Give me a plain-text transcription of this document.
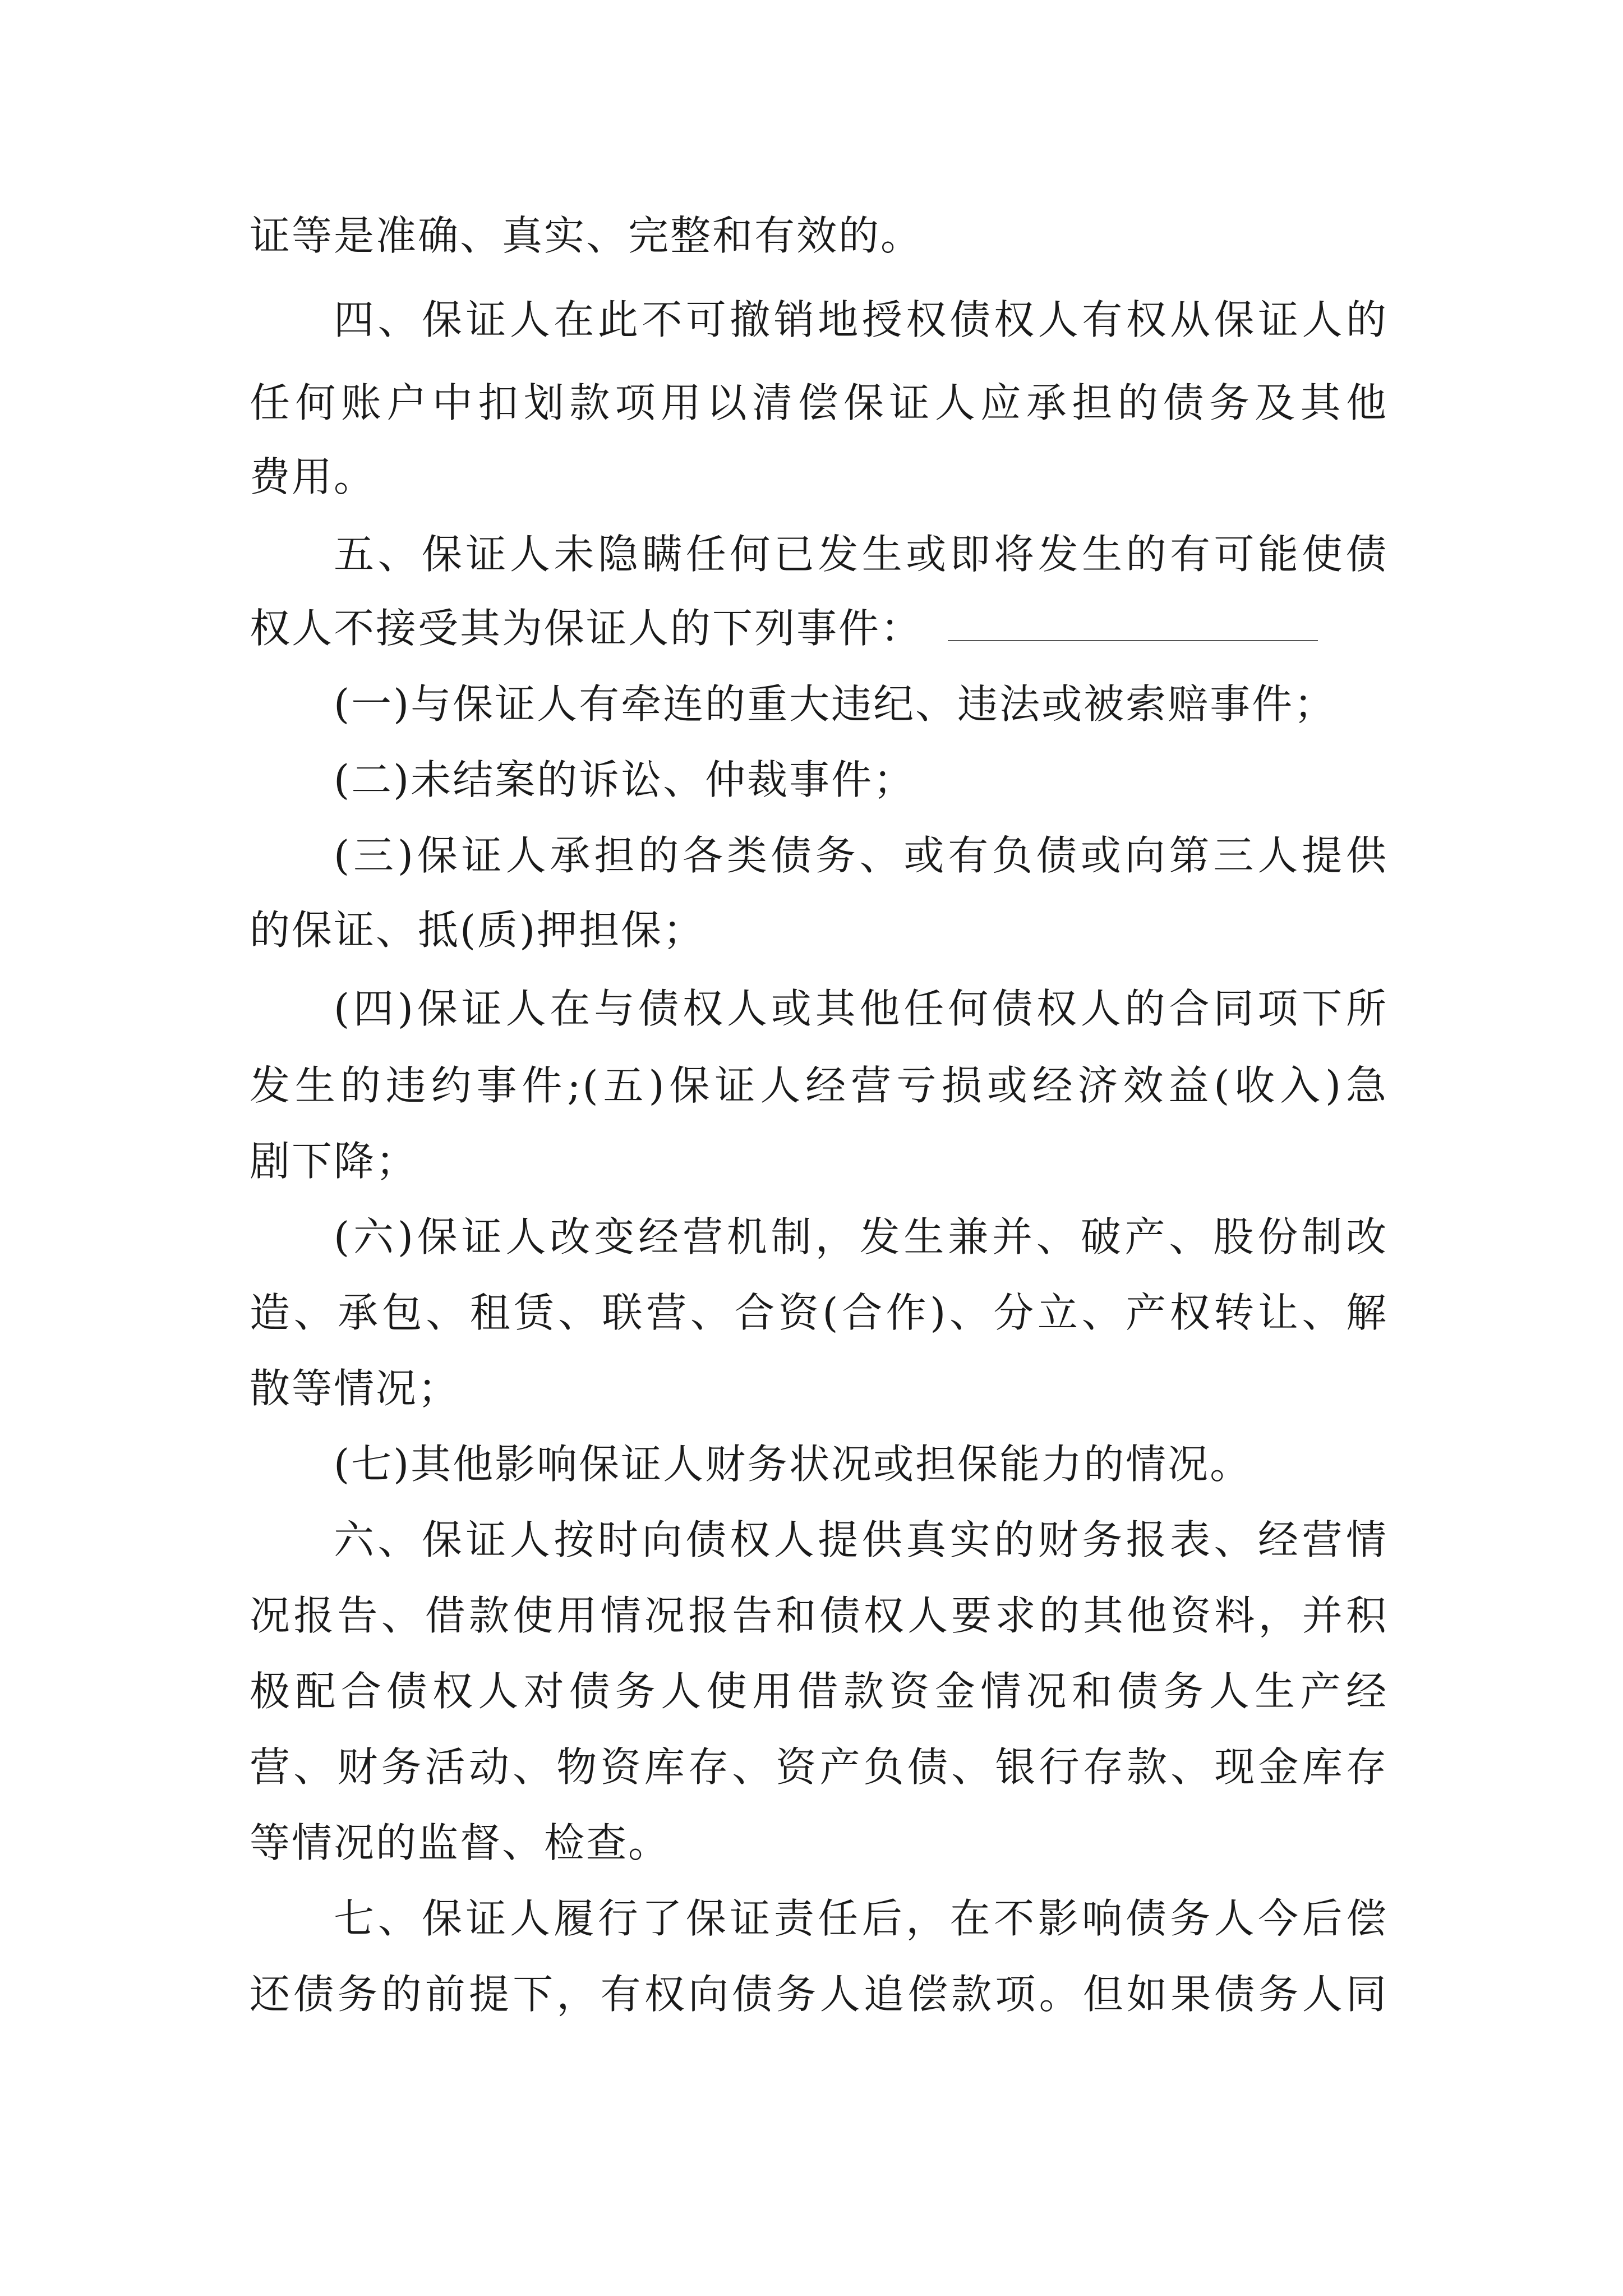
证等是准确、真实、完整和有效的。
四、保证人在此不可撤销地授权债权人有权从保证人的
任何账户中扣划款项用以清偿保证人应承担的债务及其他
费用。
五、保证人未隐瞒任何已发生或即将发生的有可能使债
权人不接受其为保证人的下列事件：
(一)与保证人有牵连的重大违纪、违法或被索赔事件；
(二)未结案的诉讼、仲裁事件；
(三)保证人承担的各类债务、或有负债或向第三人提供
的保证、抵(质)押担保；
(四)保证人在与债权人或其他任何债权人的合同项下所
发生的违约事件;(五)保证人经营亏损或经济效益(收入)急
剧下降；
(六)保证人改变经营机制，发生兼并、破产、股份制改
造、承包、租赁、联营、合资(合作)、分立、产权转让、解
散等情况；
(七)其他影响保证人财务状况或担保能力的情况。
六、保证人按时向债权人提供真实的财务报表、经营情
况报告、借款使用情况报告和债权人要求的其他资料，并积
极配合债权人对债务人使用借款资金情况和债务人生产经
营、财务活动、物资库存、资产负债、银行存款、现金库存
等情况的监督、检查。
七、保证人履行了保证责任后，在不影响债务人今后偿
还债务的前提下，有权向债务人追偿款项。但如果债务人同
